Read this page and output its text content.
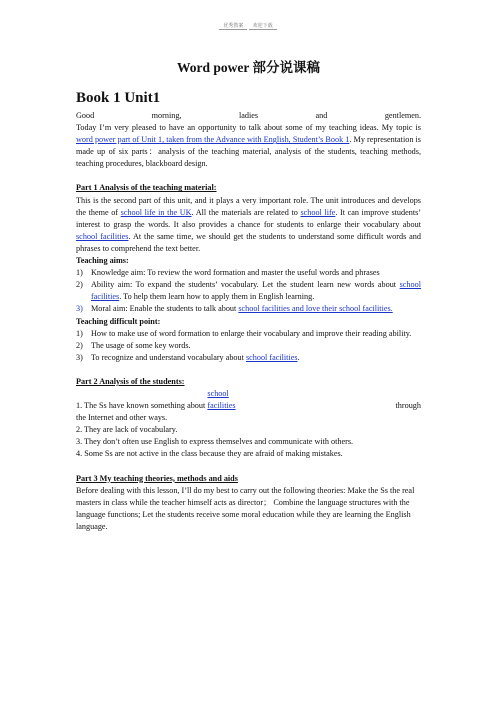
优秀教案 欢迎下载
Word power 部分说课稿
Book 1 Unit1

Good morning, ladies and gentlemen.

Today I’m very pleased to have an opportunity to talk about some of my teaching ideas. My topic is word power part of Unit 1, taken from the Advance with English, Student’s Book 1. My representation is made up of six parts：analysis of the teaching material, analysis of the students, teaching methods, teaching procedures, blackboard design.

Part 1 Analysis of the teaching material:

This is the second part of this unit, and it plays a very important role. The unit introduces and develops the theme of school life in the UK. All the materials are related to school life. It can improve students’ interest to grasp the words. It also provides a chance for students to enlarge their vocabulary about school facilities. At the same time, we should get the students to understand some difficult words and phrases to comprehend the text better.

Teaching aims:
1) Knowledge aim: To review the word formation and master the useful words and phrases
2) Ability aim: To expand the students’ vocabulary. Let the student learn new words about school facilities. To help them learn how to apply them in English learning.
3) Moral aim: Enable the students to talk about school facilities and love their school facilities.
Teaching difficult point:
1) How to make use of word formation to enlarge their vocabulary and improve their reading ability.
2) The usage of some key words.
3) To recognize and understand vocabulary about school facilities.
Part 2 Analysis of the students:

1. The Ss have known something about school facilities	through the Internet and other ways.

2. They are lack of vocabulary.

3. They don’t often use English to express themselves and communicate with others.

4. Some Ss are not active in the class because they are afraid of making mistakes.

Part 3 My teaching theories, methods and aids

Before dealing with this lesson, I’ll do my best to carry out the following theories: Make the Ss the real masters in class while the teacher himself acts as director； Combine the language structures with the language functions; Let the students receive some moral education while they are learning the English language.
